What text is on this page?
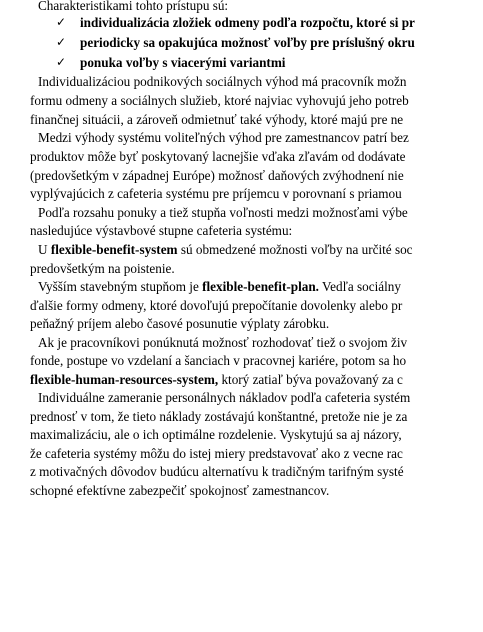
Charakteristikami tohto prístupu sú:
✓ individualizácia zložiek odmeny podľa rozpočtu, ktoré si pr
✓ periodicky sa opakujúca možnosť voľby pre príslušný okru
✓ ponuka voľby s viacerými variantmi
Individualizáciou podnikových sociálnych výhod má pracovník možn
formu odmeny a sociálnych služieb, ktoré najviac vyhovujú jeho potreb
finančnej situácii, a zároveň odmietnuť také výhody, ktoré majú pre ne
Medzi výhody systému voliteľných výhod pre zamestnancov patrí bez
produktov môže byť poskytovaný lacnejšie vďaka zľavám od dodávate
(predovšetkým v západnej Európe) možnosť daňových zvýhodnení nie
vyplývajúcich z cafeteria systému pre príjemcu v porovnaní s priamou
Podľa rozsahu ponuky a tiež stupňa voľnosti medzi možnosťami výbe
nasledujúce výstavbové stupne cafeteria systému:
U flexible-benefit-system sú obmedzené možnosti voľby na určité soc
predovšetkým na poistenie.
Vyšším stavebným stupňom je flexible-benefit-plan. Vedľa sociálny
ďalšie formy odmeny, ktoré dovoľujú prepočítanie dovolenky alebo pr
peňažný príjem alebo časové posunutie výplaty zárobku.
Ak je pracovníkovi ponúknutá možnosť rozhodovať tiež o svojom živ
fonde, postupe vo vzdelaní a šanciach v pracovnej kariére, potom sa ho
flexible-human-resources-system, ktorý zatiaľ býva považovaný za c
Individuálne zameranie personálnych nákladov podľa cafeteria systém
prednosť v tom, že tieto náklady zostávajú konštantné, pretože nie je za
maximalizáciu, ale o ich optimálne rozdelenie. Vyskytujú sa aj názory,
že cafeteria systémy môžu do istej miery predstavovať ako z vecne rac
z motivačných dôvodov budúcu alternatívu k tradičným tarifným systé
schopné efektívne zabezpečiť spokojnosť zamestnancov.
